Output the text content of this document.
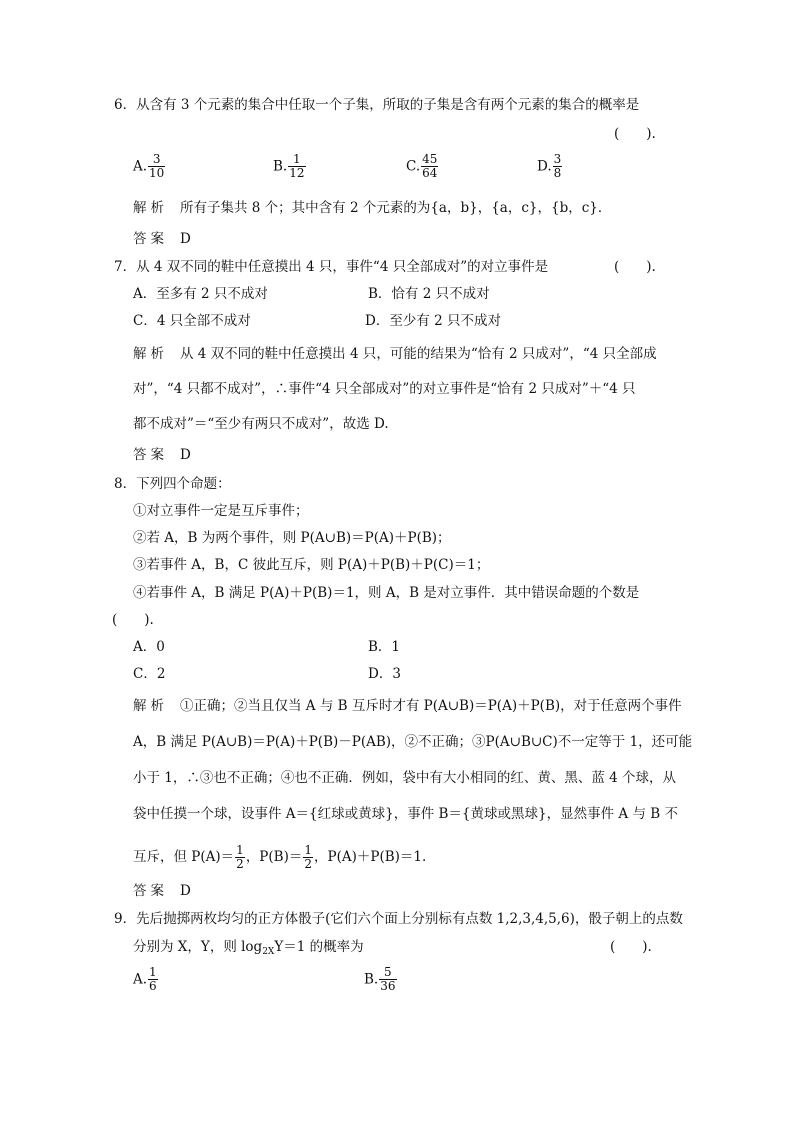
6．从含有 3 个元素的集合中任取一个子集，所取的子集是含有两个元素的集合的概率是
(　　).
A. $\frac{3}{10}$	B. $\frac{1}{12}$	C. $\frac{45}{64}$	D. $\frac{3}{8}$
解析 所有子集共 8 个；其中含有 2 个元素的为{a，b}，{a，c}，{b，c}．
答案 D
7．从 4 双不同的鞋中任意摸出 4 只，事件“4 只全部成对”的对立事件是	(　　).
A．至多有 2 只不成对	B．恰有 2 只不成对
C．4 只全部不成对	D．至少有 2 只不成对
解析 从 4 双不同的鞋中任意摸出 4 只，可能的结果为“恰有 2 只成对”，“4 只全部成
对”，“4 只都不成对”，∴事件“4 只全部成对”的对立事件是“恰有 2 只成对”＋“4 只
都不成对”＝“至少有两只不成对”，故选 D.
答案 D
8．下列四个命题：
①对立事件一定是互斥事件；
②若 A，B 为两个事件，则 P(A∪B)＝P(A)＋P(B)；
③若事件 A，B，C 彼此互斥，则 P(A)＋P(B)＋P(C)＝1；
④若事件 A，B 满足 P(A)＋P(B)＝1，则 A，B 是对立事件．其中错误命题的个数是
(　　).
A．0	B．1
C．2	D．3
解析 ①正确；②当且仅当 A 与 B 互斥时才有 P(A∪B)＝P(A)＋P(B)，对于任意两个事件
A，B 满足 P(A∪B)＝P(A)＋P(B)－P(AB)，②不正确；③P(A∪B∪C)不一定等于 1，还可能
小于 1，∴③也不正确；④也不正确．例如，袋中有大小相同的红、黄、黑、蓝 4 个球，从
袋中任摸一个球，设事件 A＝{红球或黄球}，事件 B＝{黄球或黑球}，显然事件 A 与 B 不
互斥，但 $P(A)= \frac{1}{2}$ ，$P(B)= \frac{1}{2}$ ，P(A)＋P(B)＝1.
答案 D
9．先后抛掷两枚均匀的正方体骰子(它们六个面上分别标有点数 1,2,3,4,5,6)，骰子朝上的点数
分别为 X，Y，则 $\log_{2X}Y=1$ 的概率为	(　　).
A. $\frac{1}{6}$	B. $\frac{5}{36}$
